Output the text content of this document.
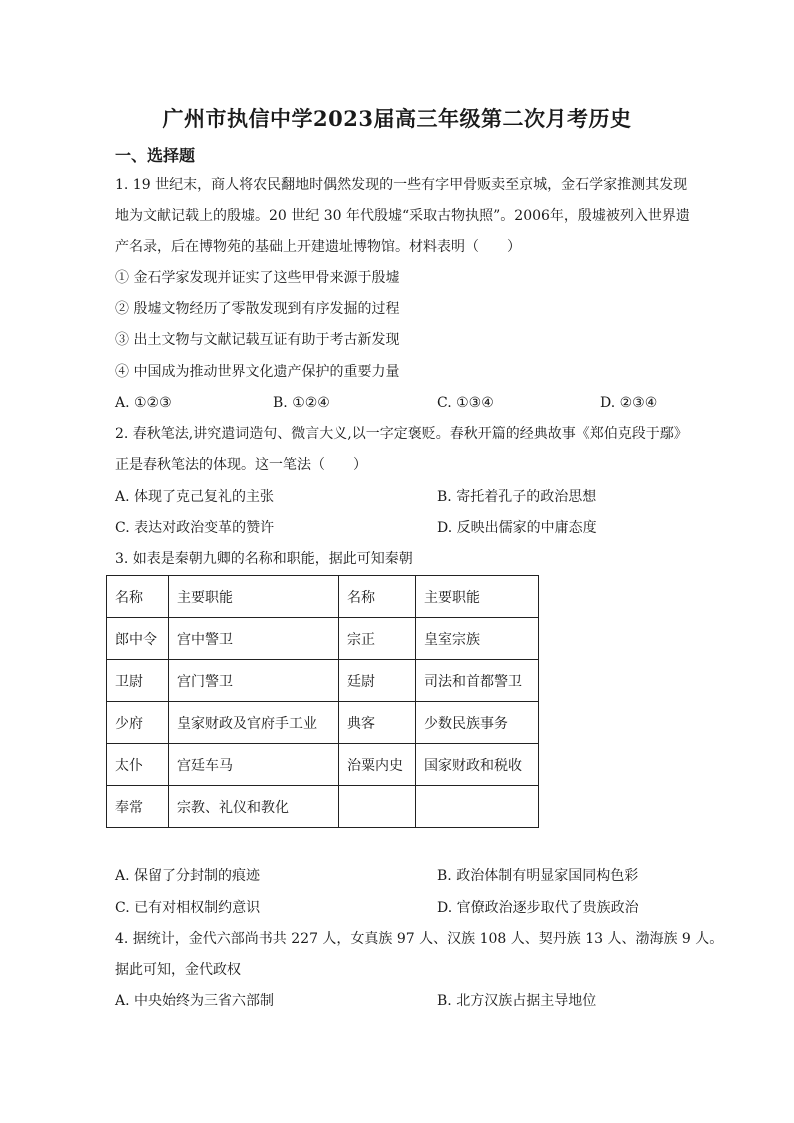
广州市执信中学2023届高三年级第二次月考历史
一、选择题
1. 19 世纪末，商人将农民翻地时偶然发现的一些有字甲骨贩卖至京城，金石学家推测其发现
地为文献记载上的殷墟。20 世纪 30 年代殷墟“采取古物执照”。2006年，殷墟被列入世界遗
产名录，后在博物苑的基础上开建遗址博物馆。材料表明（　　）
① 金石学家发现并证实了这些甲骨来源于殷墟
② 殷墟文物经历了零散发现到有序发掘的过程
③ 出土文物与文献记载互证有助于考古新发现
④ 中国成为推动世界文化遗产保护的重要力量
A. ①②③	B. ①②④	C. ①③④	D. ②③④
2. 春秋笔法,讲究遣词造句、微言大义,以一字定褒贬。春秋开篇的经典故事《郑伯克段于鄢》
正是春秋笔法的体现。这一笔法（　　）
A. 体现了克己复礼的主张	B. 寄托着孔子的政治思想
C. 表达对政治变革的赞许	D. 反映出儒家的中庸态度
3. 如表是秦朝九卿的名称和职能，据此可知秦朝
名称	主要职能	名称	主要职能
郎中令	宫中警卫	宗正	皇室宗族
卫尉	宫门警卫	廷尉	司法和首都警卫
少府	皇家财政及官府手工业	典客	少数民族事务
太仆	宫廷车马	治粟内史	国家财政和税收
奉常	宗教、礼仪和教化		
A. 保留了分封制的痕迹	B. 政治体制有明显家国同构色彩
C. 已有对相权制约意识	D. 官僚政治逐步取代了贵族政治
4. 据统计，金代六部尚书共 227 人，女真族 97 人、汉族 108 人、契丹族 13 人、渤海族 9 人。
据此可知，金代政权
A. 中央始终为三省六部制	B. 北方汉族占据主导地位
